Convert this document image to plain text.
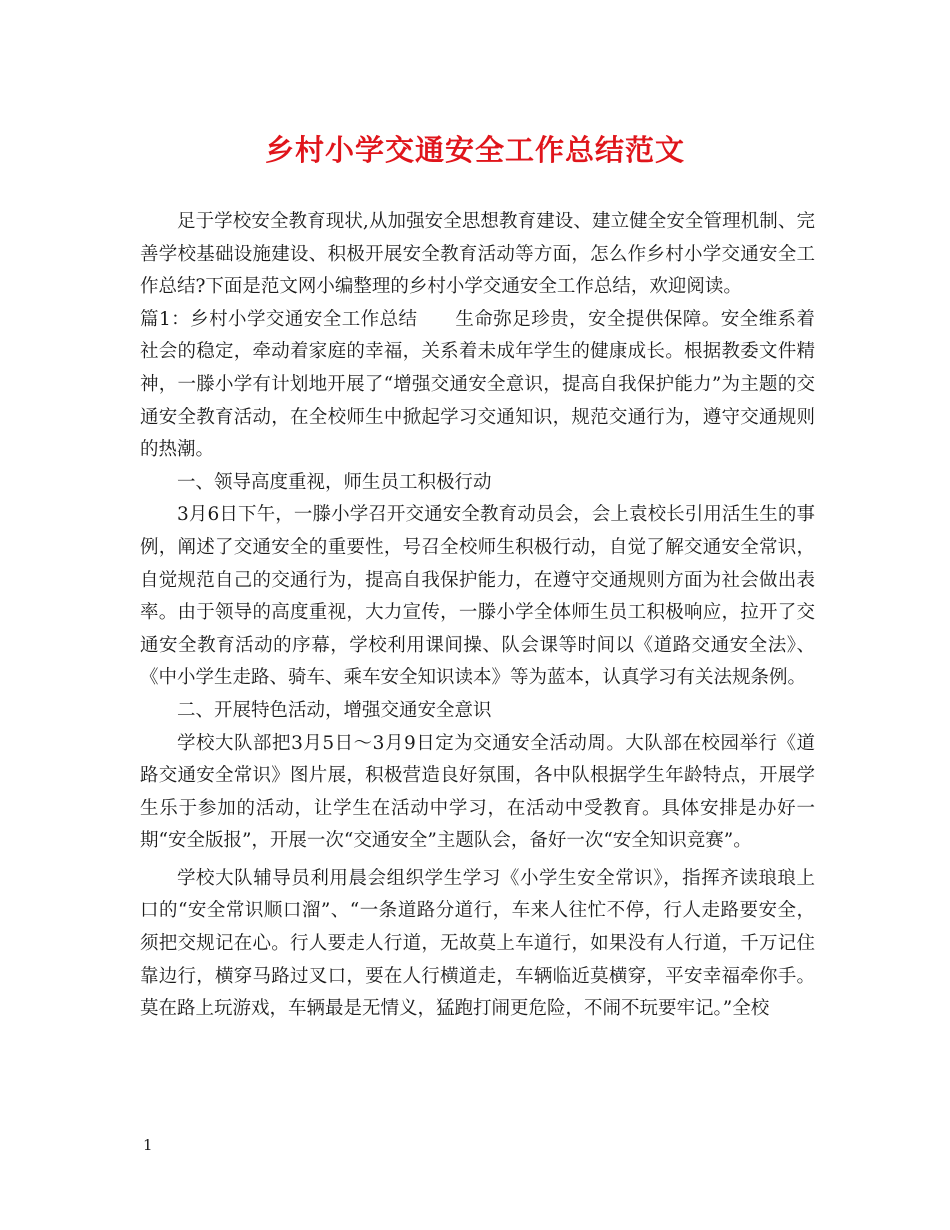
乡村小学交通安全工作总结范文

足于学校安全教育现状,从加强安全思想教育建设、建立健全安全管理机制、完善学校基础设施建设、积极开展安全教育活动等方面，怎么作乡村小学交通安全工作总结?下面是范文网小编整理的乡村小学交通安全工作总结，欢迎阅读。

篇1：乡村小学交通安全工作总结　　生命弥足珍贵，安全提供保障。安全维系着社会的稳定，牵动着家庭的幸福，关系着未成年学生的健康成长。根据教委文件精神，一滕小学有计划地开展了“增强交通安全意识，提高自我保护能力”为主题的交通安全教育活动，在全校师生中掀起学习交通知识，规范交通行为，遵守交通规则的热潮。

一、领导高度重视，师生员工积极行动

3月6日下午，一滕小学召开交通安全教育动员会，会上袁校长引用活生生的事例，阐述了交通安全的重要性，号召全校师生积极行动，自觉了解交通安全常识，自觉规范自己的交通行为，提高自我保护能力，在遵守交通规则方面为社会做出表率。由于领导的高度重视，大力宣传，一滕小学全体师生员工积极响应，拉开了交通安全教育活动的序幕，学校利用课间操、队会课等时间以《道路交通安全法》、《中小学生走路、骑车、乘车安全知识读本》等为蓝本，认真学习有关法规条例。

二、开展特色活动，增强交通安全意识

学校大队部把3月5日～3月9日定为交通安全活动周。大队部在校园举行《道路交通安全常识》图片展，积极营造良好氛围，各中队根据学生年龄特点，开展学生乐于参加的活动，让学生在活动中学习，在活动中受教育。具体安排是办好一期“安全版报”，开展一次“交通安全”主题队会，备好一次“安全知识竞赛”。

学校大队辅导员利用晨会组织学生学习《小学生安全常识》，指挥齐读琅琅上口的“安全常识顺口溜”、“一条道路分道行，车来人往忙不停，行人走路要安全，须把交规记在心。行人要走人行道，无故莫上车道行，如果没有人行道，千万记住靠边行，横穿马路过叉口，要在人行横道走，车辆临近莫横穿，平安幸福牵你手。莫在路上玩游戏，车辆最是无情义，猛跑打闹更危险，不闹不玩要牢记。”全校

1
